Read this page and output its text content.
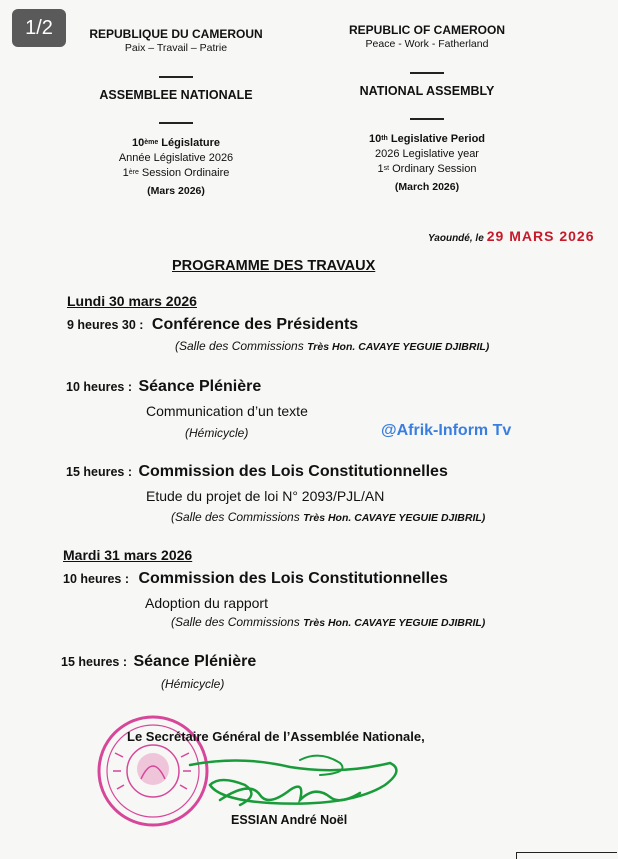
1/2	REPUBLIQUE DU CAMEROUN
Paix – Travail – Patrie
ASSEMBLEE NATIONALE
10ème Législature
Année Législative 2026
1ère Session Ordinaire
(Mars 2026)
REPUBLIC OF CAMEROON
Peace - Work - Fatherland
NATIONAL ASSEMBLY
10th Legislative Period
2026 Legislative year
1st Ordinary Session
(March 2026)
Yaoundé, le 29 MARS 2026
PROGRAMME DES TRAVAUX
Lundi 30 mars 2026
9 heures 30 : Conférence des Présidents
(Salle des Commissions Très Hon. CAVAYE YEGUIE DJIBRIL)
10 heures : Séance Plénière
Communication d’un texte
(Hémicycle)	@Afrik-Inform Tv
15 heures : Commission des Lois Constitutionnelles
Etude du projet de loi N° 2093/PJL/AN
(Salle des Commissions Très Hon. CAVAYE YEGUIE DJIBRIL)
Mardi 31 mars 2026
10 heures : Commission des Lois Constitutionnelles
Adoption du rapport
(Salle des Commissions Très Hon. CAVAYE YEGUIE DJIBRIL)
15 heures : Séance Plénière
(Hémicycle)
Le Secrétaire Général de l’Assemblée Nationale,
ESSIAN André Noël
